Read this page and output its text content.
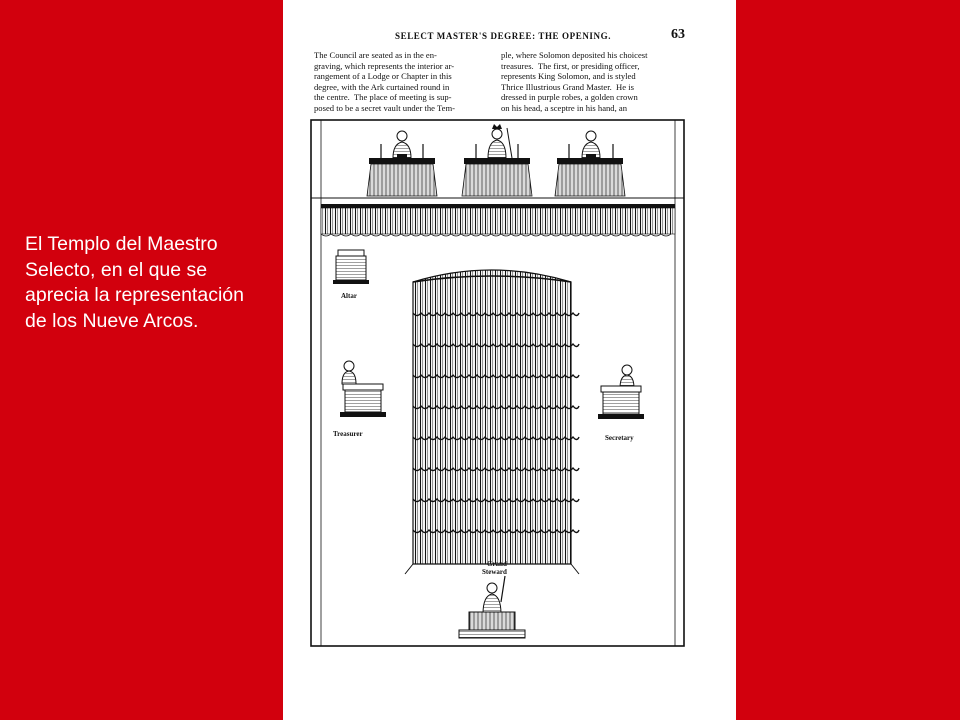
El Templo del Maestro Selecto, en el que se aprecia la representación de los Nueve Arcos.
SELECT MASTER'S DEGREE: THE OPENING.	63
The Council are seated as in the en-
graving, which represents the interior ar-
rangement of a Lodge or Chapter in this
degree, with the Ark curtained round in
the centre.  The place of meeting is sup-
posed to be a secret vault under the Tem-
ple, where Solomon deposited his choicest
treasures.  The first, or presiding officer,
represents King Solomon, and is styled
Thrice Illustrious Grand Master.  He is
dressed in purple robes, a golden crown
on his head, a sceptre in his hand, an
Altar
Treasurer	Secretary
Grand
Steward
